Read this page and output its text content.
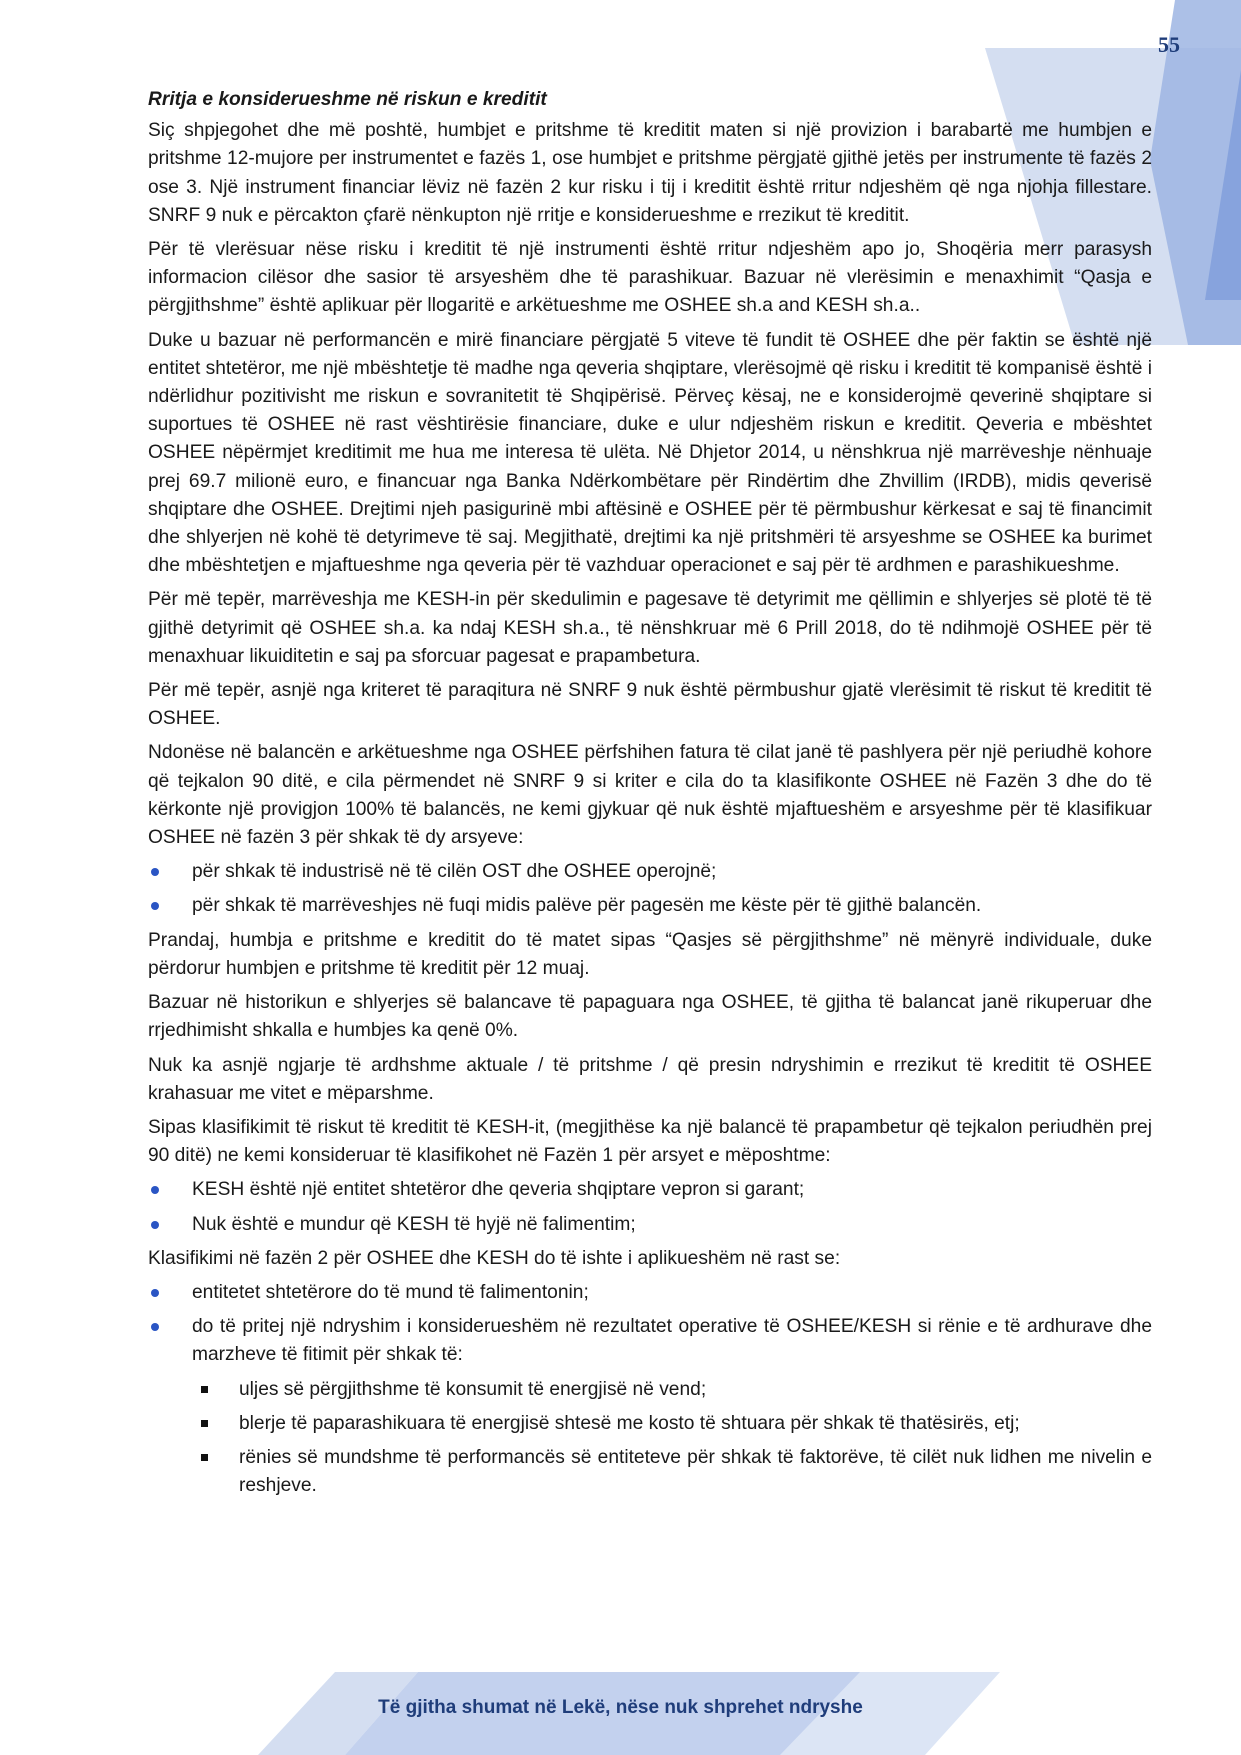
55
Rritja e konsiderueshme në riskun e kreditit
Siç shpjegohet dhe më poshtë, humbjet e pritshme të kreditit maten si një provizion i barabartë me humbjen e pritshme 12-mujore per instrumentet e fazës 1, ose humbjet e pritshme përgjatë gjithë jetës per instrumente të fazës 2 ose 3. Një instrument financiar lëviz në fazën 2 kur risku i tij i kreditit është rritur ndjeshëm që nga njohja fillestare. SNRF 9 nuk e përcakton çfarë nënkupton një rritje e konsiderueshme e rrezikut të kreditit.
Për të vlerësuar nëse risku i kreditit të një instrumenti është rritur ndjeshëm apo jo, Shoqëria merr parasysh informacion cilësor dhe sasior të arsyeshëm dhe të parashikuar. Bazuar në vlerësimin e menaxhimit “Qasja e përgjithshme” është aplikuar për llogaritë e arkëtueshme me OSHEE sh.a and KESH sh.a..
Duke u bazuar në performancën e mirë financiare përgjatë 5 viteve të fundit të OSHEE dhe për faktin se është një entitet shtetëror, me një mbështetje të madhe nga qeveria shqiptare, vlerësojmë që risku i kreditit të kompanisë është i ndërlidhur pozitivisht me riskun e sovranitetit të Shqipërisë. Përveç kësaj, ne e konsiderojmë qeverinë shqiptare si suportues të OSHEE në rast vështirësie financiare, duke e ulur ndjeshëm riskun e kreditit. Qeveria e mbështet OSHEE nëpërmjet kreditimit me hua me interesa të ulëta. Në Dhjetor 2014, u nënshkrua një marrëveshje nënhuaje prej 69.7 milionë euro, e financuar nga Banka Ndërkombëtare për Rindërtim dhe Zhvillim (IRDB), midis qeverisë shqiptare dhe OSHEE. Drejtimi njeh pasigurinë mbi aftësinë e OSHEE për të përmbushur kërkesat e saj të financimit dhe shlyerjen në kohë të detyrimeve të saj. Megjithatë, drejtimi ka një pritshmëri të arsyeshme se OSHEE ka burimet dhe mbështetjen e mjaftueshme nga qeveria për të vazhduar operacionet e saj për të ardhmen e parashikueshme.
Për më tepër, marrëveshja me KESH-in për skedulimin e pagesave të detyrimit me qëllimin e shlyerjes së plotë të të gjithë detyrimit që OSHEE sh.a. ka ndaj KESH sh.a., të nënshkruar më 6 Prill 2018, do të ndihmojë OSHEE për të menaxhuar likuiditetin e saj pa sforcuar pagesat e prapambetura.
Për më tepër, asnjë nga kriteret të paraqitura në SNRF 9 nuk është përmbushur gjatë vlerësimit të riskut të kreditit të OSHEE.
Ndonëse në balancën e arkëtueshme nga OSHEE përfshihen fatura të cilat janë të pashlyera për një periudhë kohore që tejkalon 90 ditë, e cila përmendet në SNRF 9 si kriter e cila do ta klasifikonte OSHEE në Fazën 3 dhe do të kërkonte një provigjon 100% të balancës, ne kemi gjykuar që nuk është mjaftueshëm e arsyeshme për të klasifikuar OSHEE në fazën 3 për shkak të dy arsyeve:
për shkak të industrisë në të cilën OST dhe OSHEE operojnë;
për shkak të marrëveshjes në fuqi midis palëve për pagesën me këste për të gjithë balancën.
Prandaj, humbja e pritshme e kreditit do të matet sipas “Qasjes së përgjithshme” në mënyrë individuale, duke përdorur humbjen e pritshme të kreditit për 12 muaj.
Bazuar në historikun e shlyerjes së balancave të papaguara nga OSHEE, të gjitha të balancat janë rikuperuar dhe rrjedhimisht shkalla e humbjes ka qenë 0%.
Nuk ka asnjë ngjarje të ardhshme aktuale / të pritshme / që presin ndryshimin e rrezikut të kreditit të OSHEE krahasuar me vitet e mëparshme.
Sipas klasifikimit të riskut të kreditit të KESH-it, (megjithëse ka një balancë të prapambetur që tejkalon periudhën prej 90 ditë) ne kemi konsideruar të klasifikohet në Fazën 1 për arsyet e mëposhtme:
KESH është një entitet shtetëror dhe qeveria shqiptare vepron si garant;
Nuk është e mundur që KESH të hyjë në falimentim;
Klasifikimi në fazën 2 për OSHEE dhe KESH do të ishte i aplikueshëm në rast se:
entitetet shtetërore do të mund të falimentonin;
do të pritej një ndryshim i konsiderueshëm në rezultatet operative të OSHEE/KESH si rënie e të ardhurave dhe marzheve të fitimit për shkak të:
uljes së përgjithshme të konsumit të energjisë në vend;
blerje të paparashikuara të energjisë shtesë me kosto të shtuara për shkak të thatësirës, etj;
rënies së mundshme të performancës së entiteteve për shkak të faktorëve, të cilët nuk lidhen me nivelin e reshjeve.
Të gjitha shumat në Lekë, nëse nuk shprehet ndryshe
